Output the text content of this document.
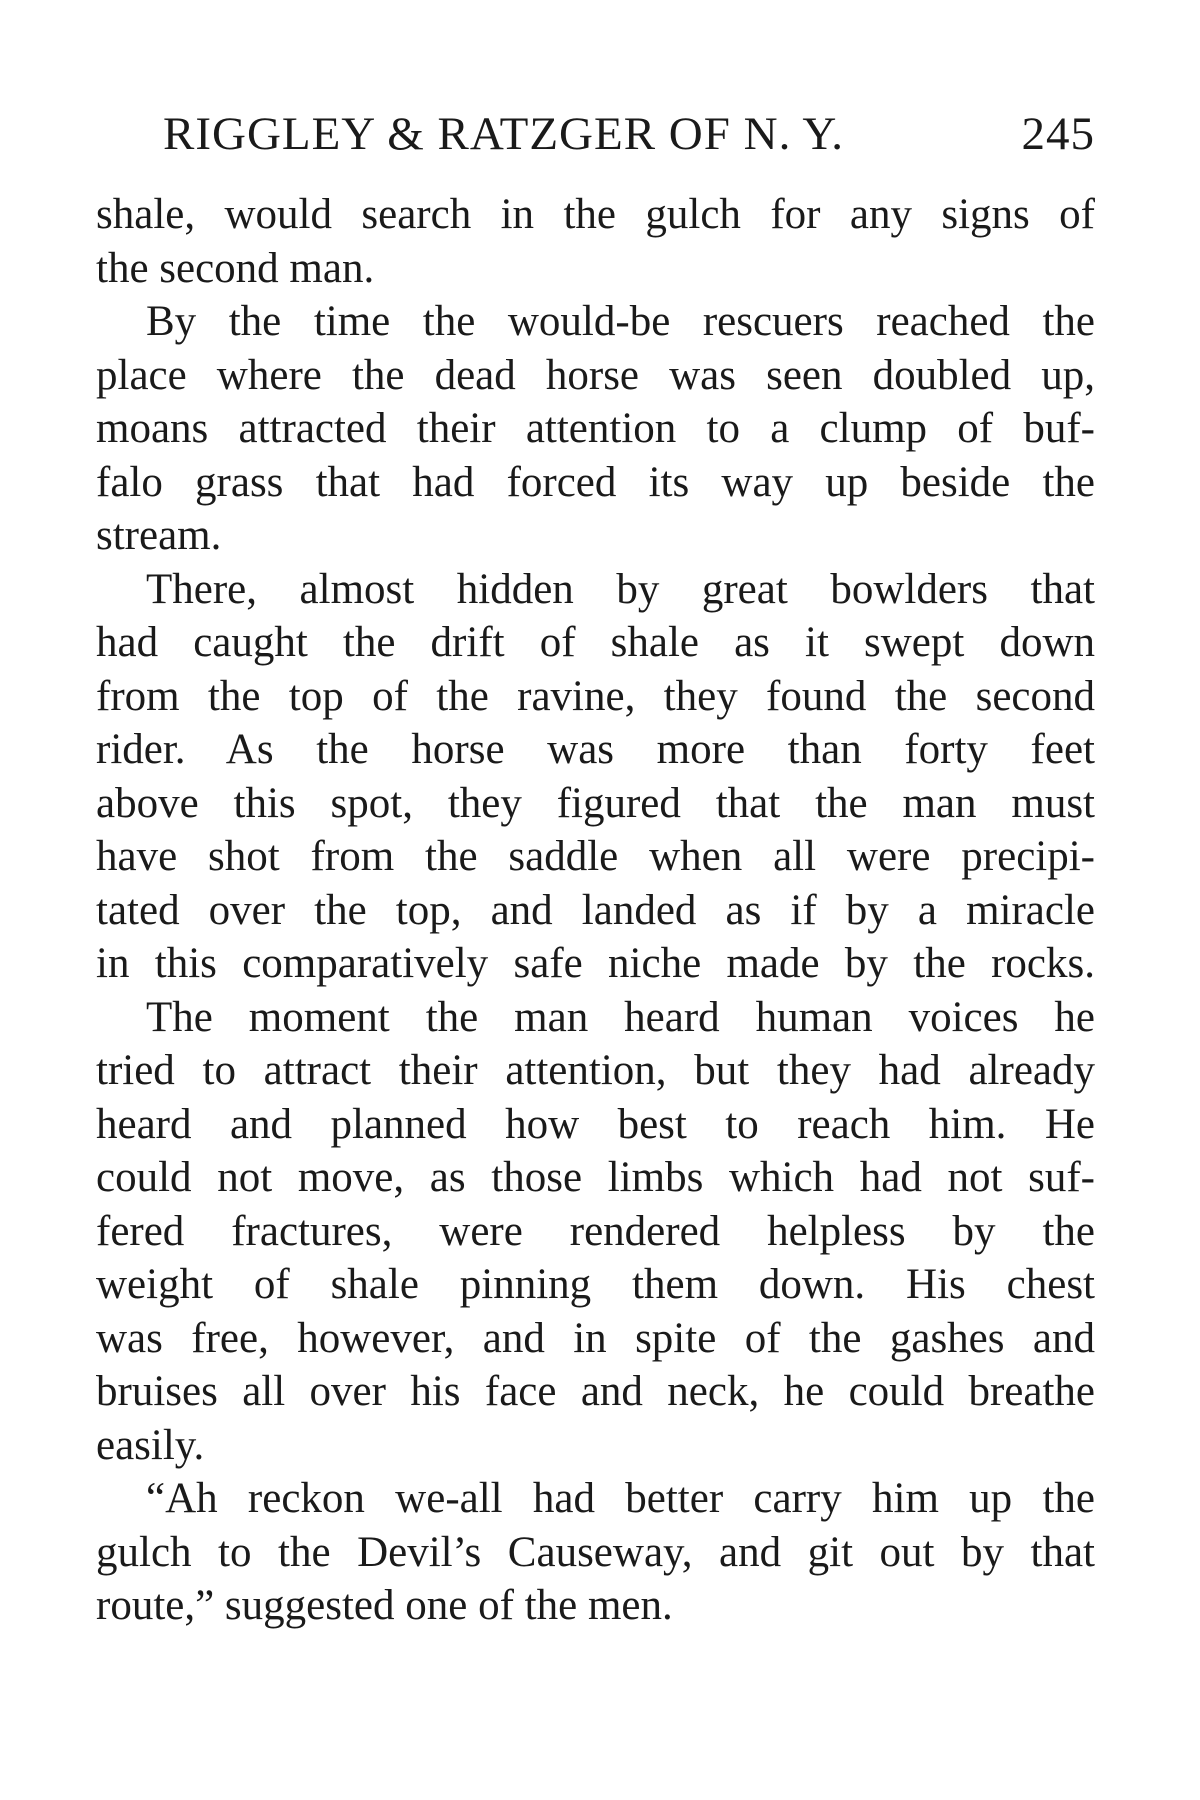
RIGGLEY & RATZGER OF N. Y.	245
shale, would search in the gulch for any signs of
the second man.
By the time the would-be rescuers reached the
place where the dead horse was seen doubled up,
moans attracted their attention to a clump of buf-
falo grass that had forced its way up beside the
stream.
There, almost hidden by great bowlders that
had caught the drift of shale as it swept down
from the top of the ravine, they found the second
rider. As the horse was more than forty feet
above this spot, they figured that the man must
have shot from the saddle when all were precipi-
tated over the top, and landed as if by a miracle
in this comparatively safe niche made by the rocks.
The moment the man heard human voices he
tried to attract their attention, but they had already
heard and planned how best to reach him. He
could not move, as those limbs which had not suf-
fered fractures, were rendered helpless by the
weight of shale pinning them down. His chest
was free, however, and in spite of the gashes and
bruises all over his face and neck, he could breathe
easily.
“Ah reckon we-all had better carry him up the
gulch to the Devil’s Causeway, and git out by that
route,” suggested one of the men.
